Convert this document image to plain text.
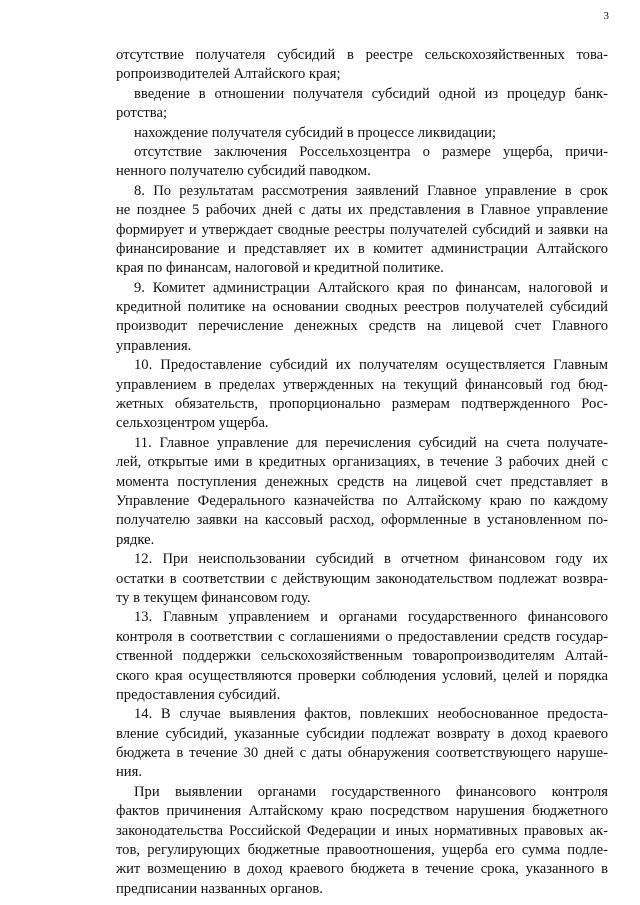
3
отсутствие получателя субсидий в реестре сельскохозяйственных това-
ропроизводителей Алтайского края;
введение в отношении получателя субсидий одной из процедур банк-
ротства;
нахождение получателя субсидий в процессе ликвидации;
отсутствие заключения Россельхозцентра о размере ущерба, причи-
ненного получателю субсидий паводком.
8. По результатам рассмотрения заявлений Главное управление в срок
не позднее 5 рабочих дней с даты их представления в Главное управление
формирует и утверждает сводные реестры получателей субсидий и заявки на
финансирование и представляет их в комитет администрации Алтайского
края по финансам, налоговой и кредитной политике.
9. Комитет администрации Алтайского края по финансам, налоговой и
кредитной политике на основании сводных реестров получателей субсидий
производит перечисление денежных средств на лицевой счет Главного
управления.
10. Предоставление субсидий их получателям осуществляется Главным
управлением в пределах утвержденных на текущий финансовый год бюд-
жетных обязательств, пропорционально размерам подтвержденного Рос-
сельхозцентром ущерба.
11. Главное управление для перечисления субсидий на счета получате-
лей, открытые ими в кредитных организациях, в течение 3 рабочих дней с
момента поступления денежных средств на лицевой счет представляет в
Управление Федерального казначейства по Алтайскому краю по каждому
получателю заявки на кассовый расход, оформленные в установленном по-
рядке.
12. При неиспользовании субсидий в отчетном финансовом году их
остатки в соответствии с действующим законодательством подлежат возвра-
ту в текущем финансовом году.
13. Главным управлением и органами государственного финансового
контроля в соответствии с соглашениями о предоставлении средств государ-
ственной поддержки сельскохозяйственным товаропроизводителям Алтай-
ского края осуществляются проверки соблюдения условий, целей и порядка
предоставления субсидий.
14. В случае выявления фактов, повлекших необоснованное предоста-
вление субсидий, указанные субсидии подлежат возврату в доход краевого
бюджета в течение 30 дней с даты обнаружения соответствующего наруше-
ния.
При выявлении органами государственного финансового контроля
фактов причинения Алтайскому краю посредством нарушения бюджетного
законодательства Российской Федерации и иных нормативных правовых ак-
тов, регулирующих бюджетные правоотношения, ущерба его сумма подле-
жит возмещению в доход краевого бюджета в течение срока, указанного в
предписании названных органов.
